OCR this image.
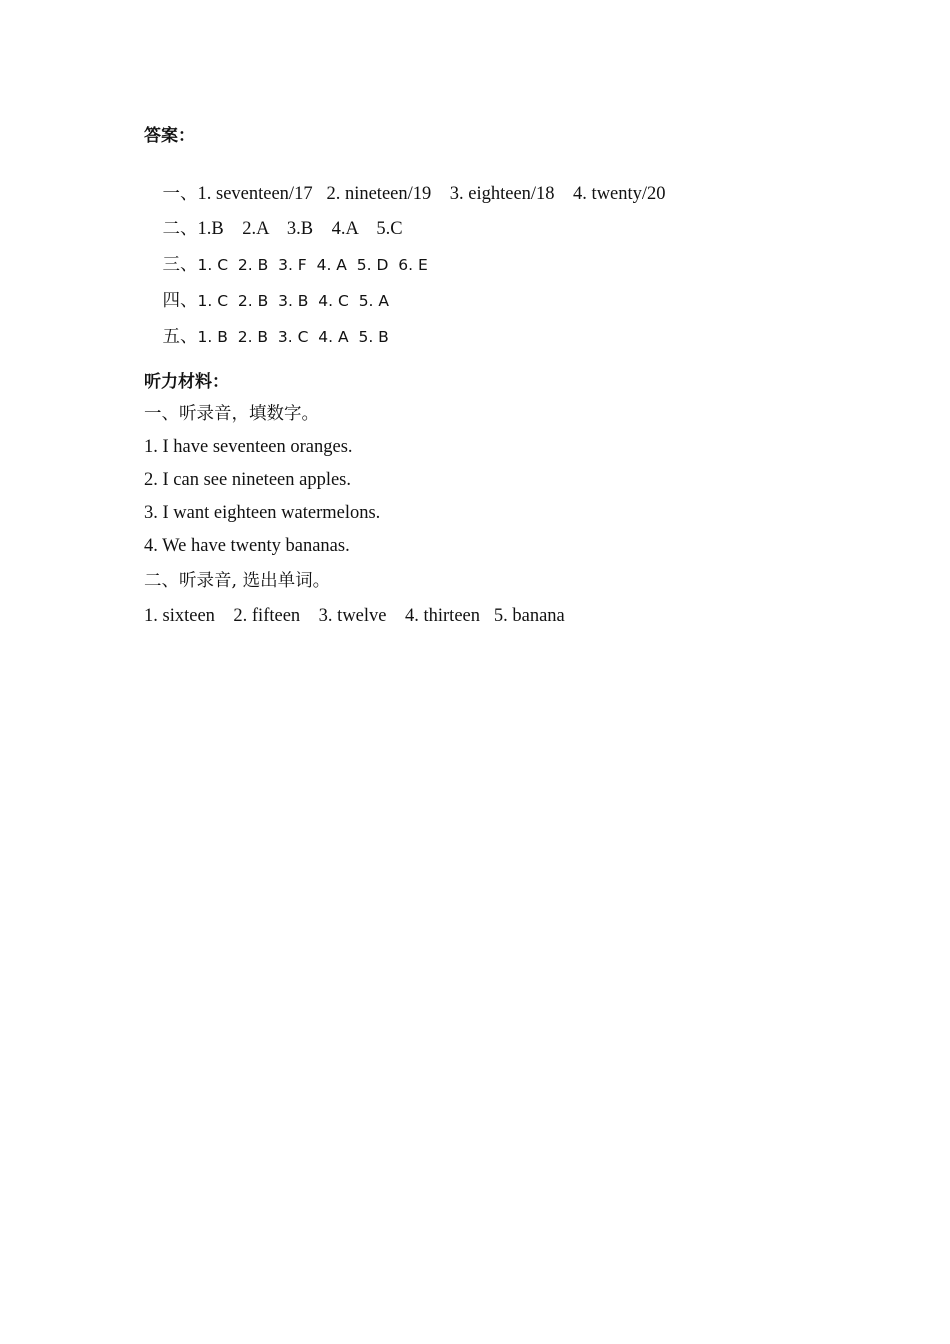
答案：

一、1. seventeen/17   2. nineteen/19    3. eighteen/18    4. twenty/20

二、1.B    2.A    3.B    4.A    5.C

三、1. C  2. B  3. F  4. A  5. D  6. E

四、1. C  2. B  3. B  4. C  5. A

五、1. B  2. B  3. C  4. A  5. B

听力材料：
一、听录音，填数字。
1. I have seventeen oranges.
2. I can see nineteen apples.
3. I want eighteen watermelons.
4. We have twenty bananas.
二、听录音, 选出单词。
1. sixteen    2. fifteen    3. twelve    4. thirteen   5. banana
